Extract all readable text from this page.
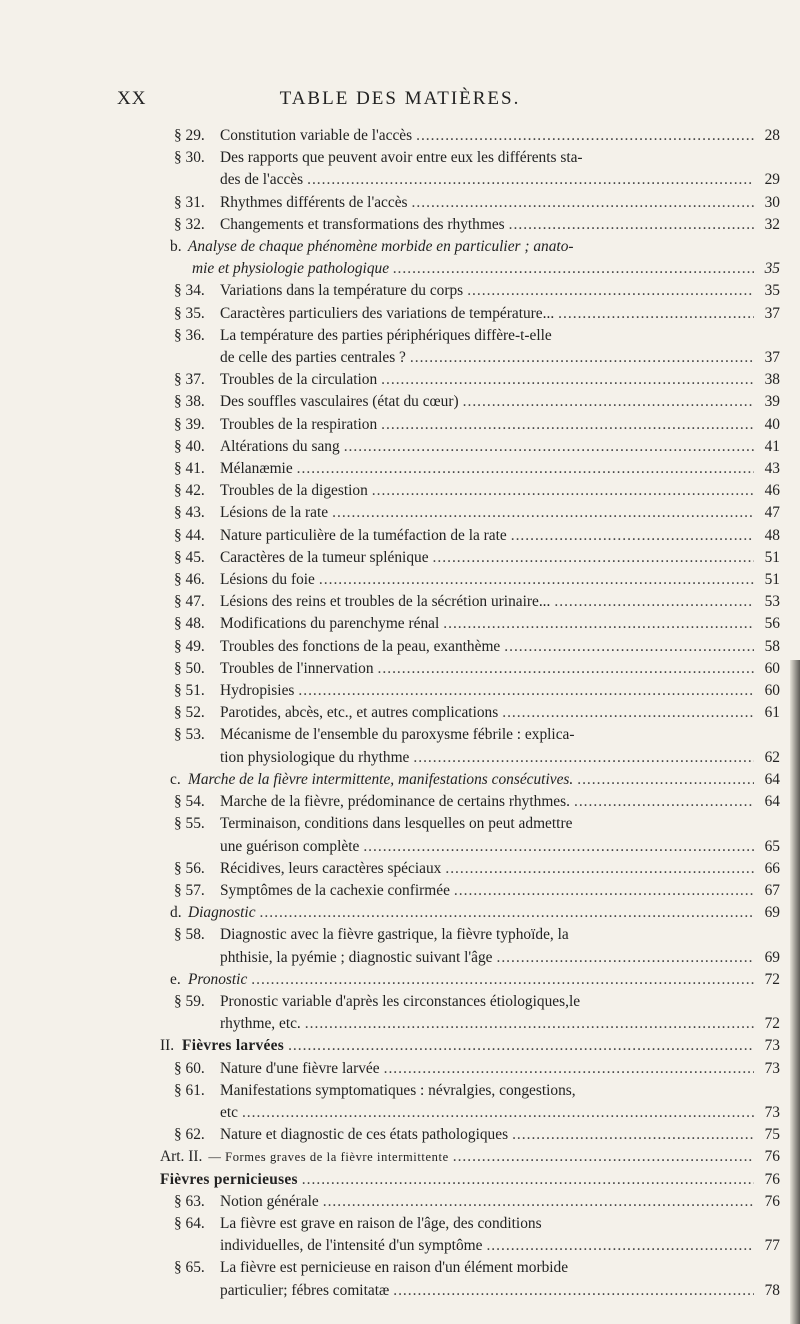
XX	TABLE DES MATIÈRES.
§ 29. Constitution variable de l'accès .....	28
§ 30. Des rapports que peuvent avoir entre eux les différents sta-
des de l'accès .....	29
§ 31. Rhythmes différents de l'accès .....	30
§ 32. Changements et transformations des rhythmes .....	32
b. Analyse de chaque phénomène morbide en particulier ; anato-
mie et physiologie pathologique .....	35
§ 34. Variations dans la température du corps .....	35
§ 35. Caractères particuliers des variations de température... .....	37
§ 36. La température des parties périphériques diffère-t-elle
de celle des parties centrales ? .....	37
§ 37. Troubles de la circulation .....	38
§ 38. Des souffles vasculaires (état du cœur) .....	39
§ 39. Troubles de la respiration .....	40
§ 40. Altérations du sang .....	41
§ 41. Mélanæmie .....	43
§ 42. Troubles de la digestion .....	46
§ 43. Lésions de la rate .....	47
§ 44. Nature particulière de la tuméfaction de la rate .....	48
§ 45. Caractères de la tumeur splénique .....	51
§ 46. Lésions du foie .....	51
§ 47. Lésions des reins et troubles de la sécrétion urinaire... .....	53
§ 48. Modifications du parenchyme rénal .....	56
§ 49. Troubles des fonctions de la peau, exanthème .....	58
§ 50. Troubles de l'innervation .....	60
§ 51. Hydropisies .....	60
§ 52. Parotides, abcès, etc., et autres complications .....	61
§ 53. Mécanisme de l'ensemble du paroxysme fébrile : explica-
tion physiologique du rhythme .....	62
c. Marche de la fièvre intermittente, manifestations consécutives. .....	64
§ 54. Marche de la fièvre, prédominance de certains rhythmes. .....	64
§ 55. Terminaison, conditions dans lesquelles on peut admettre
une guérison complète .....	65
§ 56. Récidives, leurs caractères spéciaux .....	66
§ 57. Symptômes de la cachexie confirmée .....	67
d. Diagnostic .....	69
§ 58. Diagnostic avec la fièvre gastrique, la fièvre typhoïde, la
phthisie, la pyémie ; diagnostic suivant l'âge .....	69
e. Pronostic .....	72
§ 59. Pronostic variable d'après les circonstances étiologiques,le
rhythme, etc. .....	72
II. Fièvres larvées .....	73
§ 60. Nature d'une fièvre larvée .....	73
§ 61. Manifestations symptomatiques : névralgies, congestions,
etc .....	73
§ 62. Nature et diagnostic de ces états pathologiques .....	75
Art. II. — Formes graves de la fièvre intermittente .....	76
Fièvres pernicieuses .....	76
§ 63. Notion générale .....	76
§ 64. La fièvre est grave en raison de l'âge, des conditions
individuelles, de l'intensité d'un symptôme .....	77
§ 65. La fièvre est pernicieuse en raison d'un élément morbide
particulier; fébres comitatæ .....	78
